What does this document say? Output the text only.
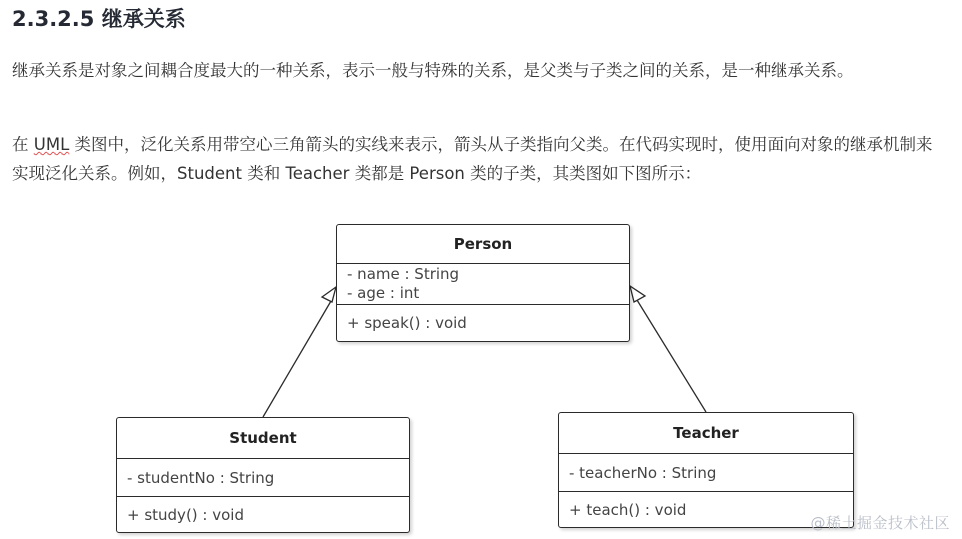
2.3.2.5 继承关系

继承关系是对象之间耦合度最大的一种关系，表示一般与特殊的关系，是父类与子类之间的关系，是一种继承关系。

在 UML 类图中，泛化关系用带空心三角箭头的实线来表示，箭头从子类指向父类。在代码实现时，使用面向对象的继承机制来实现泛化关系。例如，Student 类和 Teacher 类都是 Person 类的子类，其类图如下图所示：

Person
- name : String
- age : int
+ speak() : void
Student
- studentNo : String
+ study() : void
Teacher
- teacherNo : String
+ teach() : void
@稀土掘金技术社区
